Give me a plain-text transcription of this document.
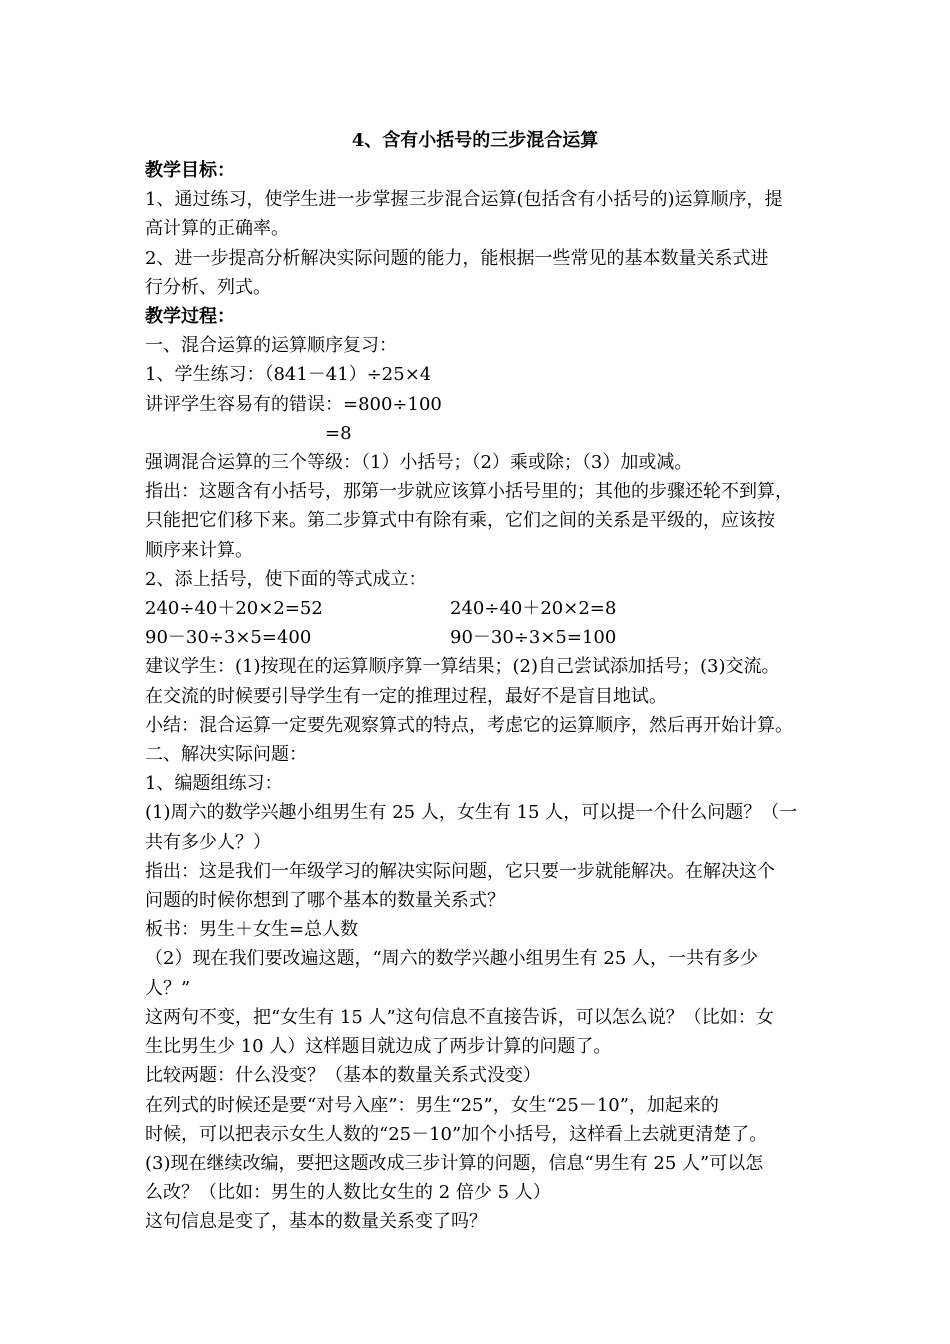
4、含有小括号的三步混合运算
教学目标：
1、通过练习，使学生进一步掌握三步混合运算(包括含有小括号的)运算顺序，提
高计算的正确率。
2、进一步提高分析解决实际问题的能力，能根据一些常见的基本数量关系式进
行分析、列式。
教学过程：
一、混合运算的运算顺序复习：
1、学生练习：（841－41）÷25×4
讲评学生容易有的错误：=800÷100
=8
强调混合运算的三个等级：（1）小括号；（2）乘或除；（3）加或减。
指出：这题含有小括号，那第一步就应该算小括号里的；其他的步骤还轮不到算，
只能把它们移下来。第二步算式中有除有乘，它们之间的关系是平级的，应该按
顺序来计算。
2、添上括号，使下面的等式成立：
240÷40＋20×2=52	240÷40＋20×2=8
90－30÷3×5=400	90－30÷3×5=100
建议学生：(1)按现在的运算顺序算一算结果；(2)自己尝试添加括号；(3)交流。
在交流的时候要引导学生有一定的推理过程，最好不是盲目地试。
小结：混合运算一定要先观察算式的特点，考虑它的运算顺序，然后再开始计算。
二、解决实际问题：
1、编题组练习：
(1)周六的数学兴趣小组男生有 25 人，女生有 15 人，可以提一个什么问题？（一
共有多少人？）
指出：这是我们一年级学习的解决实际问题，它只要一步就能解决。在解决这个
问题的时候你想到了哪个基本的数量关系式？
板书：男生＋女生=总人数
（2）现在我们要改遍这题，“周六的数学兴趣小组男生有 25 人，一共有多少
人？”
这两句不变，把“女生有 15 人”这句信息不直接告诉，可以怎么说？（比如：女
生比男生少 10 人）这样题目就边成了两步计算的问题了。
比较两题：什么没变？（基本的数量关系式没变）
在列式的时候还是要“对号入座”：男生“25”，女生“25－10”，加起来的
时候，可以把表示女生人数的“25－10”加个小括号，这样看上去就更清楚了。
(3)现在继续改编，要把这题改成三步计算的问题，信息“男生有 25 人”可以怎
么改？（比如：男生的人数比女生的 2 倍少 5 人）
这句信息是变了，基本的数量关系变了吗？
